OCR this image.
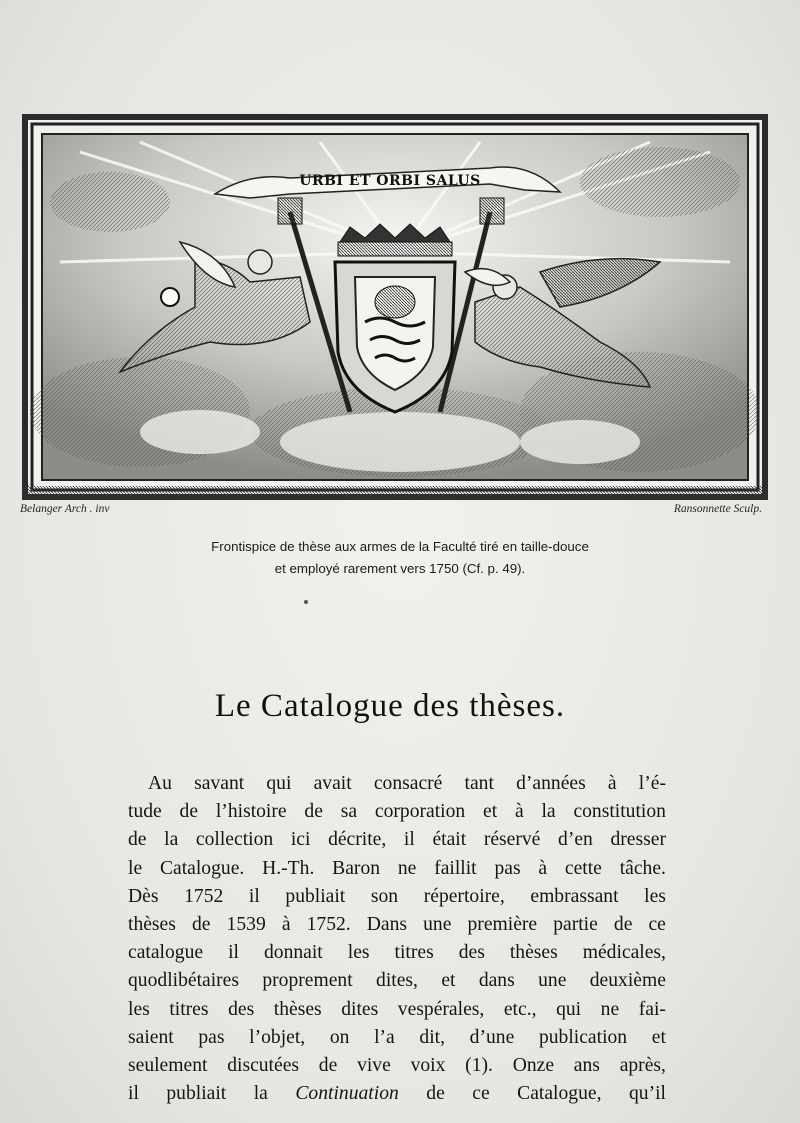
URBI ET ORBI SALUS
Belanger Arch . inv	Ransonnette Sculp.
Frontispice de thèse aux armes de la Faculté tiré en taille-douce
et employé rarement vers 1750 (Cf. p. 49).
Le Catalogue des thèses.
Au savant qui avait consacré tant d’années à l’é-
tude de l’histoire de sa corporation et à la constitution
de la collection ici décrite, il était réservé d’en dresser
le Catalogue. H.-Th. Baron ne faillit pas à cette tâche.
Dès 1752 il publiait son répertoire, embrassant les
thèses de 1539 à 1752. Dans une première partie de ce
catalogue il donnait les titres des thèses médicales,
quodlibétaires proprement dites, et dans une deuxième
les titres des thèses dites vespérales, etc., qui ne fai-
saient pas l’objet, on l’a dit, d’une publication et
seulement discutées de vive voix (1). Onze ans après,
il publiait la Continuation de ce Catalogue, qu’il
